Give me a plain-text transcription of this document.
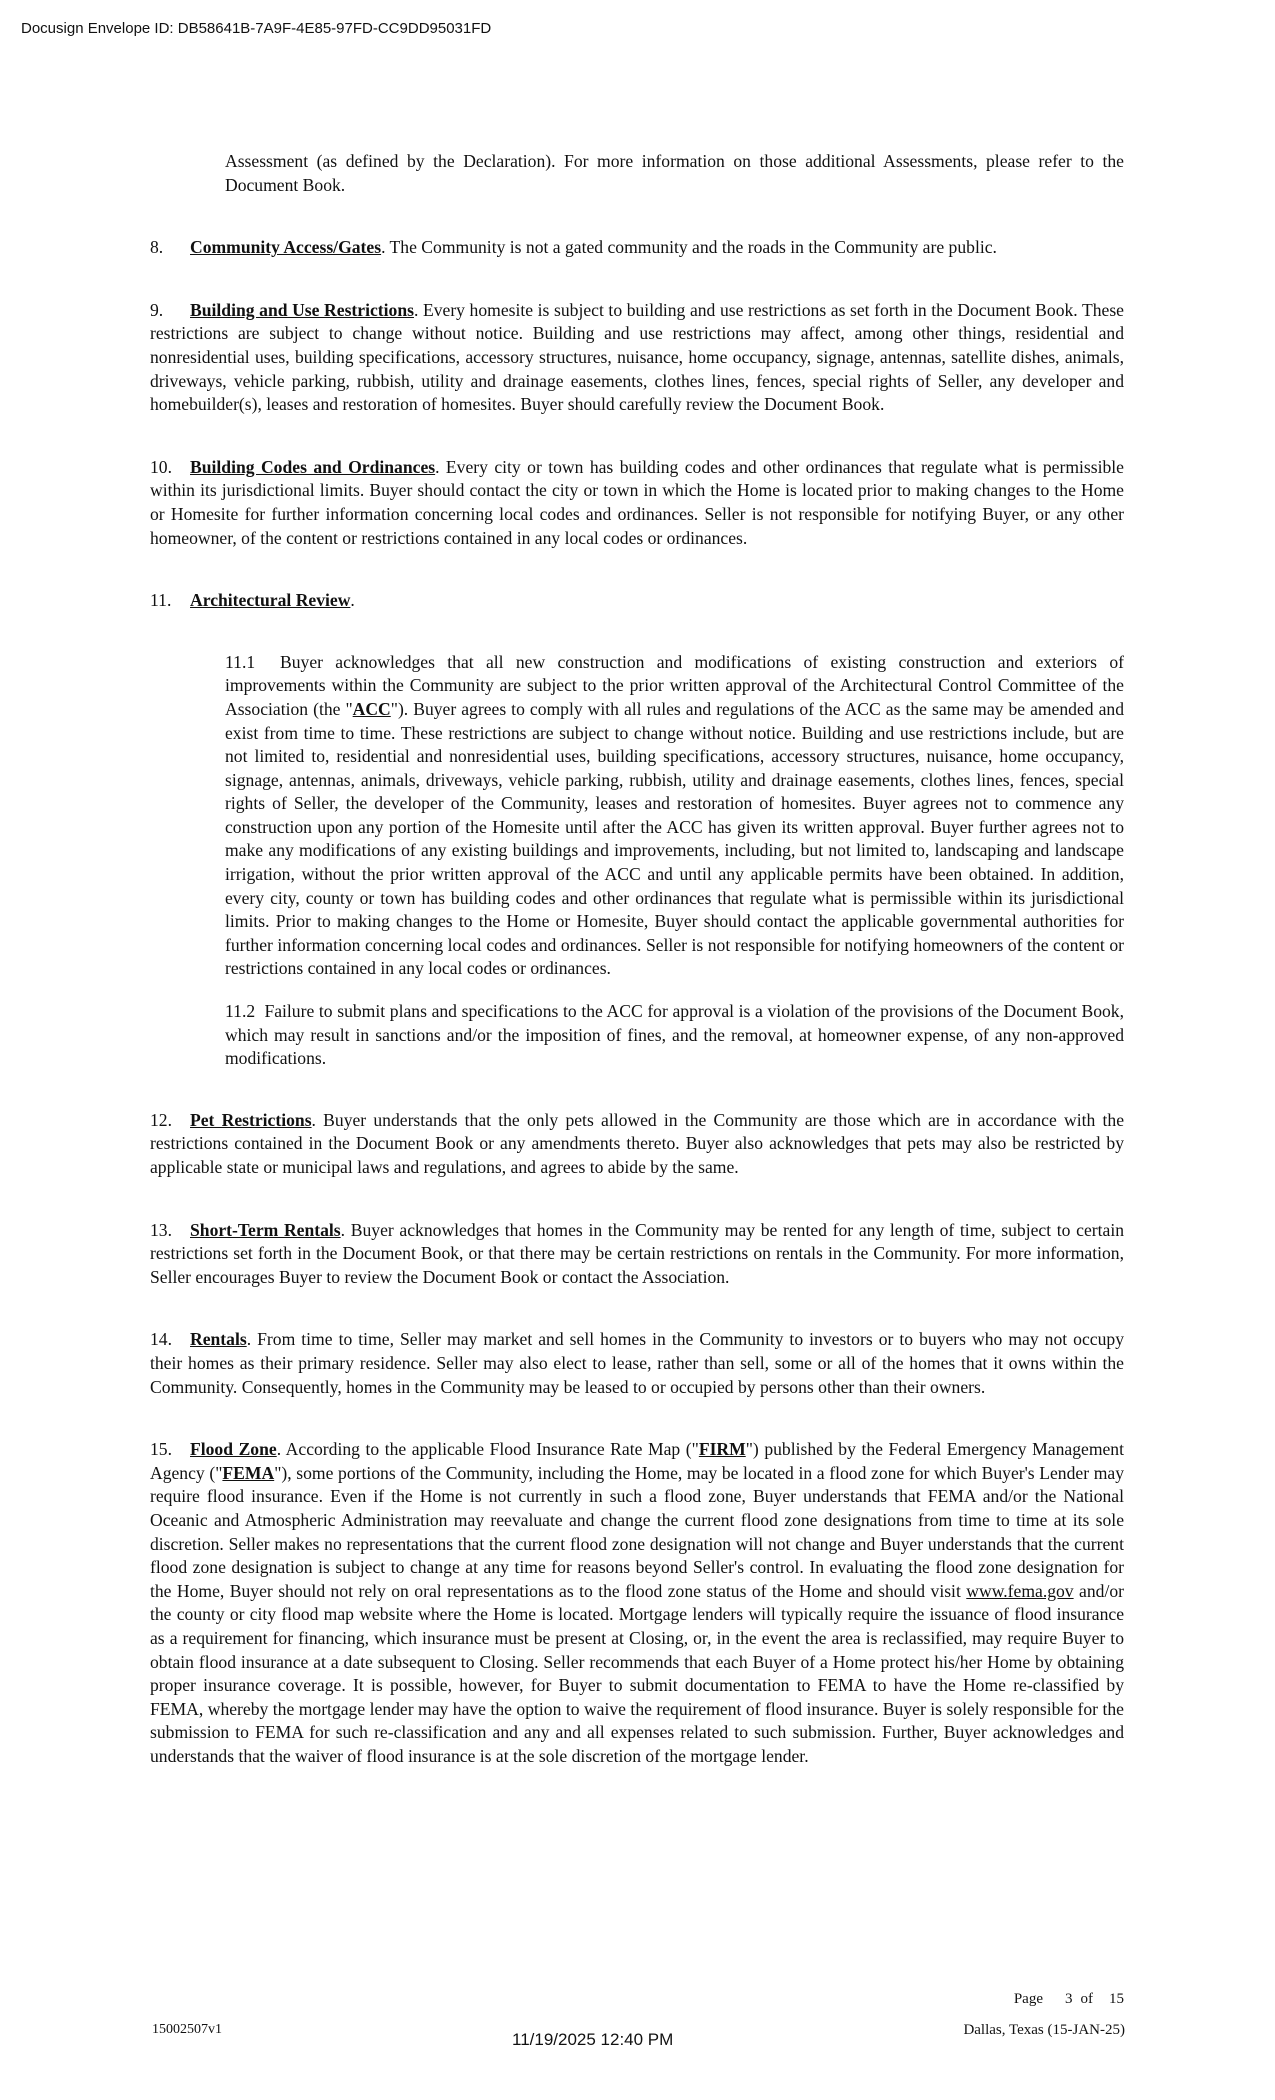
Docusign Envelope ID: DB58641B-7A9F-4E85-97FD-CC9DD95031FD

Assessment (as defined by the Declaration). For more information on those additional Assessments, please refer to the Document Book.

8. Community Access/Gates. The Community is not a gated community and the roads in the Community are public.

9. Building and Use Restrictions. Every homesite is subject to building and use restrictions as set forth in the Document Book. These restrictions are subject to change without notice. Building and use restrictions may affect, among other things, residential and nonresidential uses, building specifications, accessory structures, nuisance, home occupancy, signage, antennas, satellite dishes, animals, driveways, vehicle parking, rubbish, utility and drainage easements, clothes lines, fences, special rights of Seller, any developer and homebuilder(s), leases and restoration of homesites. Buyer should carefully review the Document Book.

10. Building Codes and Ordinances. Every city or town has building codes and other ordinances that regulate what is permissible within its jurisdictional limits. Buyer should contact the city or town in which the Home is located prior to making changes to the Home or Homesite for further information concerning local codes and ordinances. Seller is not responsible for notifying Buyer, or any other homeowner, of the content or restrictions contained in any local codes or ordinances.

11. Architectural Review.

11.1 Buyer acknowledges that all new construction and modifications of existing construction and exteriors of improvements within the Community are subject to the prior written approval of the Architectural Control Committee of the Association (the "ACC"). Buyer agrees to comply with all rules and regulations of the ACC as the same may be amended and exist from time to time. These restrictions are subject to change without notice. Building and use restrictions include, but are not limited to, residential and nonresidential uses, building specifications, accessory structures, nuisance, home occupancy, signage, antennas, animals, driveways, vehicle parking, rubbish, utility and drainage easements, clothes lines, fences, special rights of Seller, the developer of the Community, leases and restoration of homesites. Buyer agrees not to commence any construction upon any portion of the Homesite until after the ACC has given its written approval. Buyer further agrees not to make any modifications of any existing buildings and improvements, including, but not limited to, landscaping and landscape irrigation, without the prior written approval of the ACC and until any applicable permits have been obtained. In addition, every city, county or town has building codes and other ordinances that regulate what is permissible within its jurisdictional limits. Prior to making changes to the Home or Homesite, Buyer should contact the applicable governmental authorities for further information concerning local codes and ordinances. Seller is not responsible for notifying homeowners of the content or restrictions contained in any local codes or ordinances.

11.2 Failure to submit plans and specifications to the ACC for approval is a violation of the provisions of the Document Book, which may result in sanctions and/or the imposition of fines, and the removal, at homeowner expense, of any non-approved modifications.

12. Pet Restrictions. Buyer understands that the only pets allowed in the Community are those which are in accordance with the restrictions contained in the Document Book or any amendments thereto. Buyer also acknowledges that pets may also be restricted by applicable state or municipal laws and regulations, and agrees to abide by the same.

13. Short-Term Rentals. Buyer acknowledges that homes in the Community may be rented for any length of time, subject to certain restrictions set forth in the Document Book, or that there may be certain restrictions on rentals in the Community. For more information, Seller encourages Buyer to review the Document Book or contact the Association.

14. Rentals. From time to time, Seller may market and sell homes in the Community to investors or to buyers who may not occupy their homes as their primary residence. Seller may also elect to lease, rather than sell, some or all of the homes that it owns within the Community. Consequently, homes in the Community may be leased to or occupied by persons other than their owners.

15. Flood Zone. According to the applicable Flood Insurance Rate Map ("FIRM") published by the Federal Emergency Management Agency ("FEMA"), some portions of the Community, including the Home, may be located in a flood zone for which Buyer's Lender may require flood insurance. Even if the Home is not currently in such a flood zone, Buyer understands that FEMA and/or the National Oceanic and Atmospheric Administration may reevaluate and change the current flood zone designations from time to time at its sole discretion. Seller makes no representations that the current flood zone designation will not change and Buyer understands that the current flood zone designation is subject to change at any time for reasons beyond Seller's control. In evaluating the flood zone designation for the Home, Buyer should not rely on oral representations as to the flood zone status of the Home and should visit www.fema.gov and/or the county or city flood map website where the Home is located. Mortgage lenders will typically require the issuance of flood insurance as a requirement for financing, which insurance must be present at Closing, or, in the event the area is reclassified, may require Buyer to obtain flood insurance at a date subsequent to Closing. Seller recommends that each Buyer of a Home protect his/her Home by obtaining proper insurance coverage. It is possible, however, for Buyer to submit documentation to FEMA to have the Home re-classified by FEMA, whereby the mortgage lender may have the option to waive the requirement of flood insurance. Buyer is solely responsible for the submission to FEMA for such re-classification and any and all expenses related to such submission. Further, Buyer acknowledges and understands that the waiver of flood insurance is at the sole discretion of the mortgage lender.

Page 3 of 15
15002507v1
11/19/2025 12:40 PM	Dallas, Texas (15-JAN-25)
